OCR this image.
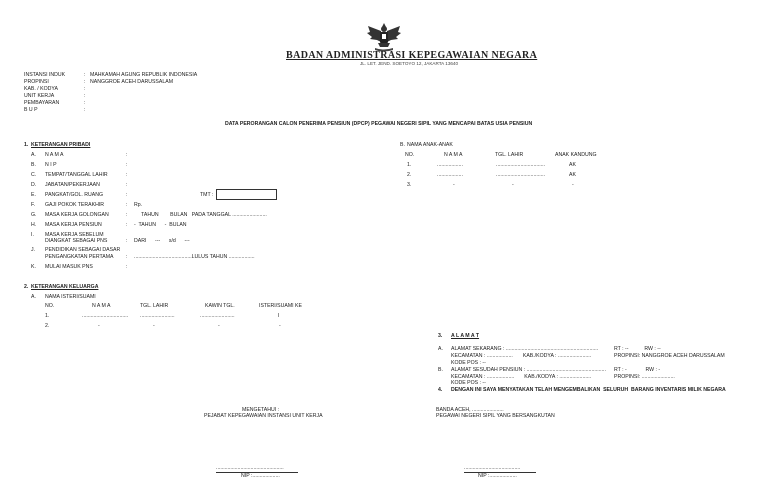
BADAN ADMINISTRASI KEPEGAWAIAN NEGARA
JL. LET. JEND. SOETOYO 12, JAKARTA 13640
INSTANSI INDUK	: MAHKAMAH AGUNG REPUBLIK INDONESIA
PROPINSI	: NANGGROE ACEH DARUSSALAM
KAB. / KODYA	:
UNIT KERJA	:
PEMBAYARAN	:
B U P	:
DATA PERORANGAN CALON PENERIMA PENSIUN (DPCP) PEGAWAI NEGERI SIPIL YANG MENCAPAI BATAS USIA PENSIUN
1. KETERANGAN PRIBADI
A. N A M A	:
B. N I P	:
C. TEMPAT/TANGGAL LAHIR	:
D. JABATAN/PEKERJAAN	:
E. PANGKAT/GOL. RUANG	:	TMT :
F. GAJI POKOK TERAKHIR	: Rp.
G. MASA KERJA GOLONGAN	: TAHUN        BULAN   PADA TANGGAL ........................
H. MASA KERJA PENSIUN	: -  TAHUN      -  BULAN
I. MASA KERJA SEBELUM
DIANGKAT SEBAGAI PNS	: DARI      ---      s/d      ---
J. PENDIDIKAN SEBAGAI DASAR
PENGANGKATAN PERTAMA : ........................................LULUS TAHUN ..................
K. MULAI MASUK PNS	:
B. NAMA ANAK-ANAK
NO.	N A M A	TGL. LAHIR	ANAK KANDUNG
1.	..................	..................................	AK
2.	..................	..................................	AK
3.	-	-	-
2. KETERANGAN KELUARGA
A. NAMA ISTERI/SUAMI
NO.	N A M A	TGL. LAHIR	KAWIN TGL.	ISTERI/SUAMI KE
1.	................................ ........................	........................	I
2.	-	-	-	-
3. A L A M A T
A. ALAMAT SEKARANG : ................................................................	RT : --           RW : --
KECAMATAN : ..................       KAB./KODYA : .......................	PROPINSI: NANGGROE ACEH DARUSSALAM
KODE POS : --
B. ALAMAT SESUDAH PENSIUN : ....................................................... RT : -             RW : -
KECAMATAN : ...................       KAB./KODYA : ......................	PROPINSI: .......................
KODE POS : --
4. DENGAN INI SAYA MENYATAKAN TELAH MENGEMBALIKAN  SELURUH  BARANG INVENTARIS MILIK NEGARA
MENGETAHUI :
PEJABAT KEPEGAWAIAN INSTANSI UNIT KERJA
...............................................
NIP :...................
BANDA ACEH, ......................
PEGAWAI NEGERI SIPIL YANG BERSANGKUTAN
.......................................
NIP :...................
